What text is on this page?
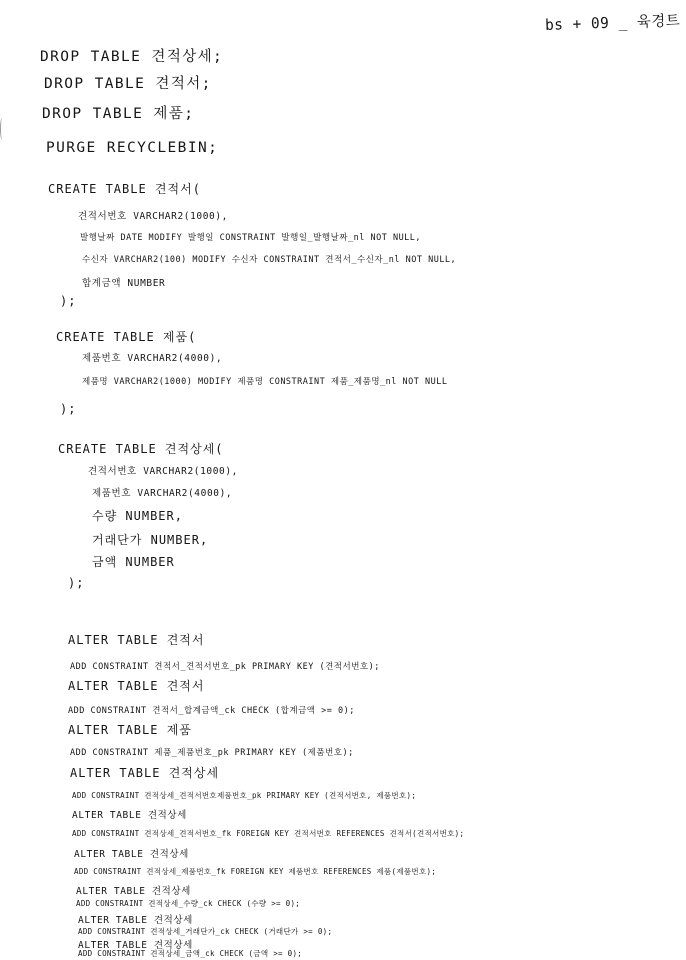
bs + 09 _ 육경트
DROP TABLE 견적상세;
DROP TABLE 견적서;
DROP TABLE 제품;
PURGE RECYCLEBIN;
CREATE TABLE 견적서(
견적서번호 VARCHAR2(1000),
발행날짜 DATE MODIFY 발행일 CONSTRAINT 발행일_발행날짜_nl NOT NULL,
수신자 VARCHAR2(100) MODIFY 수신자 CONSTRAINT 견적서_수신자_nl NOT NULL,
합계금액 NUMBER
);
CREATE TABLE 제품(
제품번호 VARCHAR2(4000),
제품명 VARCHAR2(1000) MODIFY 제품명 CONSTRAINT 제품_제품명_nl NOT NULL
);
CREATE TABLE 견적상세(
견적서번호 VARCHAR2(1000),
제품번호 VARCHAR2(4000),
수량 NUMBER,
거래단가 NUMBER,
금액 NUMBER
);
ALTER TABLE 견적서
ADD CONSTRAINT 견적서_견적서번호_pk PRIMARY KEY (견적서번호);
ALTER TABLE 견적서
ADD CONSTRAINT 견적서_합계금액_ck CHECK (합계금액 >= 0);
ALTER TABLE 제품
ADD CONSTRAINT 제품_제품번호_pk PRIMARY KEY (제품번호);
ALTER TABLE 견적상세
ADD CONSTRAINT 견적상세_견적서번호제품번호_pk PRIMARY KEY (견적서번호, 제품번호);
ALTER TABLE 견적상세
ADD CONSTRAINT 견적상세_견적서번호_fk FOREIGN KEY 견적서번호 REFERENCES 견적서(견적서번호);
ALTER TABLE 견적상세
ADD CONSTRAINT 견적상세_제품번호_fk FOREIGN KEY 제품번호 REFERENCES 제품(제품번호);
ALTER TABLE 견적상세
ADD CONSTRAINT 견적상세_수량_ck CHECK (수량 >= 0);
ALTER TABLE 견적상세
ADD CONSTRAINT 견적상세_거래단가_ck CHECK (거래단가 >= 0);
ALTER TABLE 견적상세
ADD CONSTRAINT 견적상세_금액_ck CHECK (금액 >= 0);
